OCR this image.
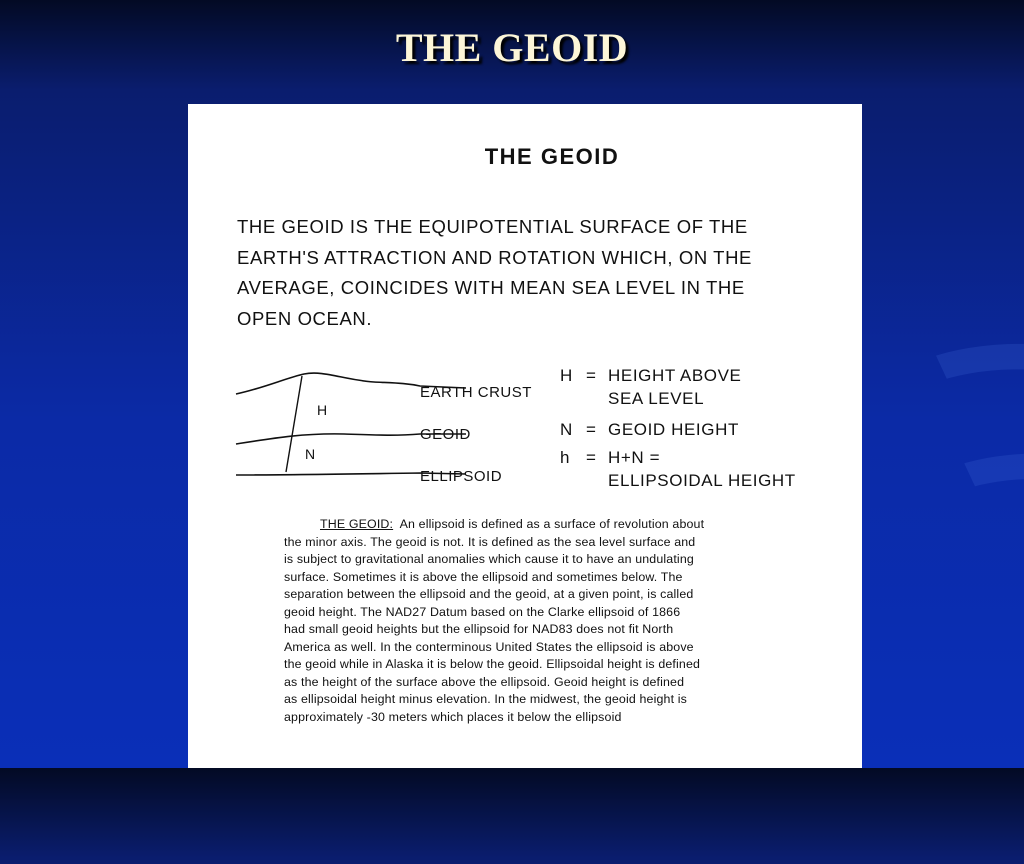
THE GEOID
THE GEOID

THE GEOID IS THE EQUIPOTENTIAL SURFACE OF THE
EARTH'S ATTRACTION AND ROTATION WHICH, ON THE
AVERAGE, COINCIDES WITH MEAN SEA LEVEL IN THE
OPEN OCEAN.

H
N
EARTH CRUST
GEOID
ELLIPSOID
H = HEIGHT ABOVE
SEA LEVEL
N = GEOID HEIGHT
h = H+N =
ELLIPSOIDAL HEIGHT

THE GEOID:  An ellipsoid is defined as a surface of revolution about
the minor axis. The geoid is not. It is defined as the sea level surface and
is subject to gravitational anomalies which cause it to have an undulating
surface. Sometimes it is above the ellipsoid and sometimes below. The
separation between the ellipsoid and the geoid, at a given point, is called
geoid height. The NAD27 Datum based on the Clarke ellipsoid of 1866
had small geoid heights but the ellipsoid for NAD83 does not fit North
America as well. In the conterminous United States the ellipsoid is above
the geoid while in Alaska it is below the geoid. Ellipsoidal height is defined
as the height of the surface above the ellipsoid. Geoid height is defined
as ellipsoidal height minus elevation. In the midwest, the geoid height is
approximately -30 meters which places it below the ellipsoid
